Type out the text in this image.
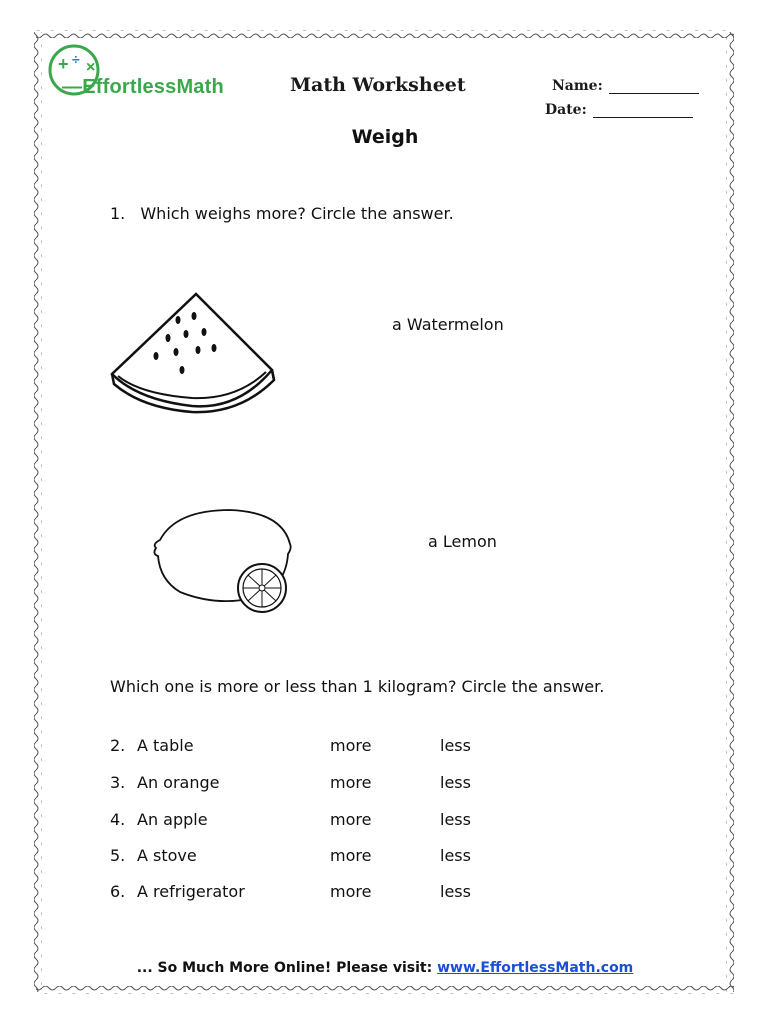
+ ÷ ×
—EffortlessMath	Math Worksheet	Name:
Date:
Weigh
1. Which weighs more? Circle the answer.
a Watermelon
a Lemon
Which one is more or less than 1 kilogram? Circle the answer.
2. A table	more	less
3. An orange	more	less
4. An apple	more	less
5. A stove	more	less
6. A refrigerator	more	less
... So Much More Online! Please visit: www.EffortlessMath.com
